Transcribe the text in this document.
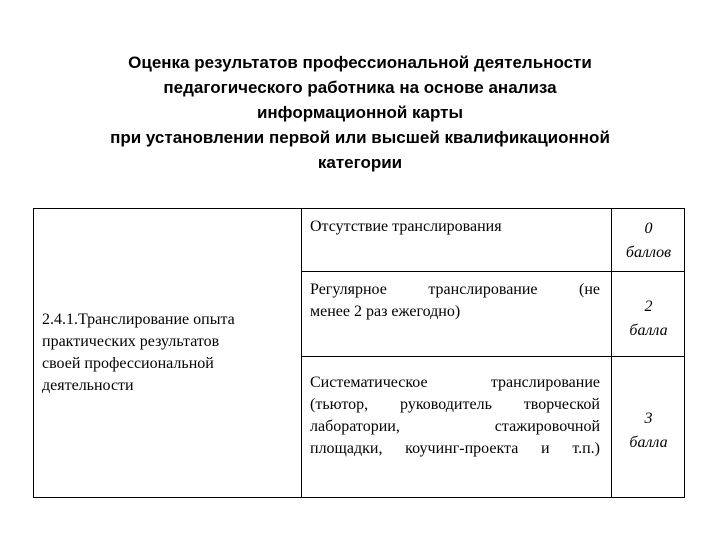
Оценка результатов профессиональной деятельности
педагогического работника на основе анализа
информационной карты
при установлении первой или высшей квалификационной
категории
2.4.1.Транслирование опыта
практических результатов
своей профессиональной
деятельности
Отсутствие транслирования	0
баллов
Регулярное транслирование (не
менее 2 раз ежегодно)	2
балла
Систематическое транслирование
(тьютор, руководитель творческой
лаборатории, стажировочной
площадки, коучинг-проекта и т.п.)
3
балла
